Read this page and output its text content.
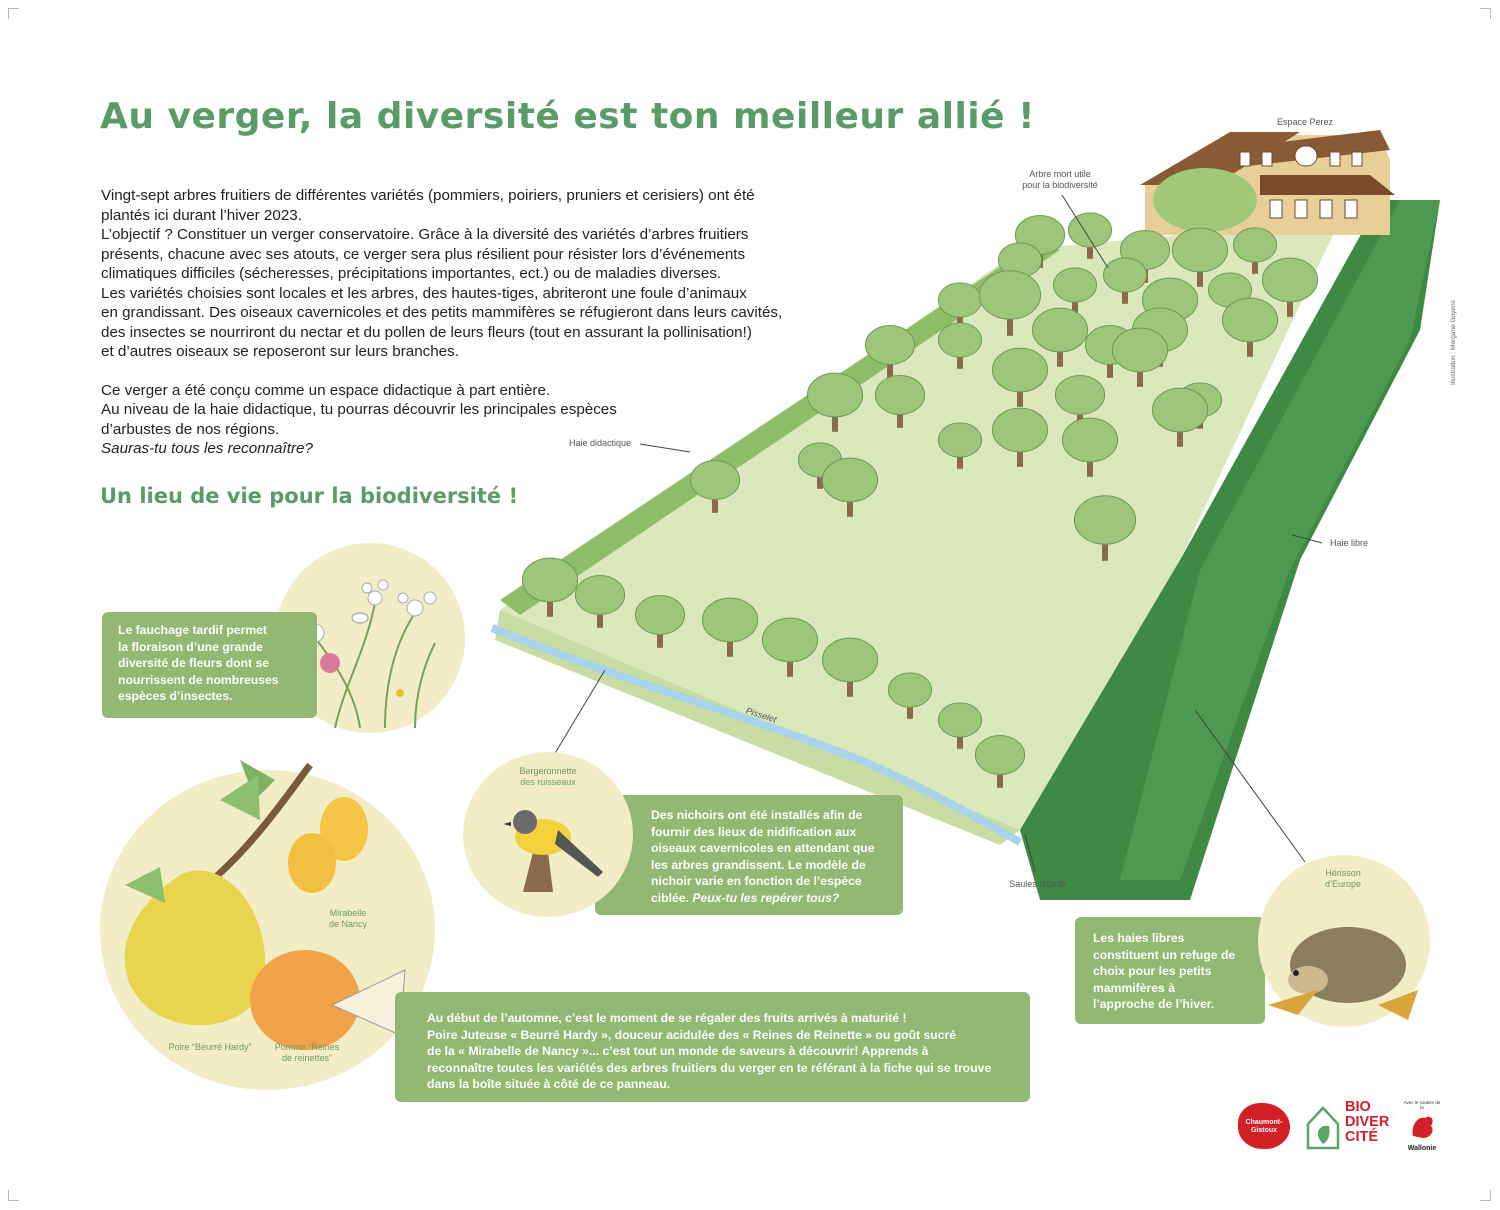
Au verger, la diversité est ton meilleur allié !

Vingt-sept arbres fruitiers de différentes variétés (pommiers, poiriers, pruniers et cerisiers) ont été

plantés ici durant l’hiver 2023.

L’objectif ? Constituer un verger conservatoire. Grâce à la diversité des variétés d’arbres fruitiers

présents, chacune avec ses atouts, ce verger sera plus résilient pour résister lors d’événements

climatiques difficiles (sécheresses, précipitations importantes, ect.) ou de maladies diverses.

Les variétés choisies sont locales et les arbres, des hautes-tiges, abriteront une foule d’animaux

en grandissant. Des oiseaux cavernicoles et des petits mammifères se réfugieront dans leurs cavités,

des insectes se nourriront du nectar et du pollen de leurs fleurs (tout en assurant la pollinisation!)

et d’autres oiseaux se reposeront sur leurs branches.

Ce verger a été conçu comme un espace didactique à part entière.

Au niveau de la haie didactique, tu pourras découvrir les principales espèces

d’arbustes de nos régions.

Sauras-tu tous les reconnaître?

Un lieu de vie pour la biodiversité !
Espace Perez
Arbre mort utile
pour la biodiversité
Haie didactique
Haie libre
Pisselet
Saules têtards
Illustration : Morgane Goyens
Le fauchage tardif permet
la floraison d’une grande
diversité de fleurs dont se
nourrissent de nombreuses
espèces d’insectes.
Mirabelle
de Nancy
Poire “Beurré Hardy”	Pomme “Reines
de reinettes”
Au début de l’automne, c’est le moment de se régaler des fruits arrivés à maturité !
Poire Juteuse « Beurré Hardy », douceur acidulée des « Reines de Reinette » ou goût sucré
de la « Mirabelle de Nancy »... c’est tout un monde de saveurs à découvrir! Apprends à
reconnaître toutes les variétés des arbres fruitiers du verger en te référant à la fiche qui se trouve
dans la boîte située à côté de ce panneau.
Des nichoirs ont été installés afin de
fournir des lieux de nidification aux
oiseaux cavernicoles en attendant que
les arbres grandissent. Le modèle de
nichoir varie en fonction de l’espèce
ciblée. Peux-tu les repérer tous?
Bergeronnette
des ruisseaux
Les haies libres
constituent un refuge de
choix pour les petits
mammifères à
l’approche de l’hiver.
Hérisson
d’Europe
Chaumont-
Gistoux
BIO
DIVER
CITÉ
Avec le soutien de la
Wallonie
